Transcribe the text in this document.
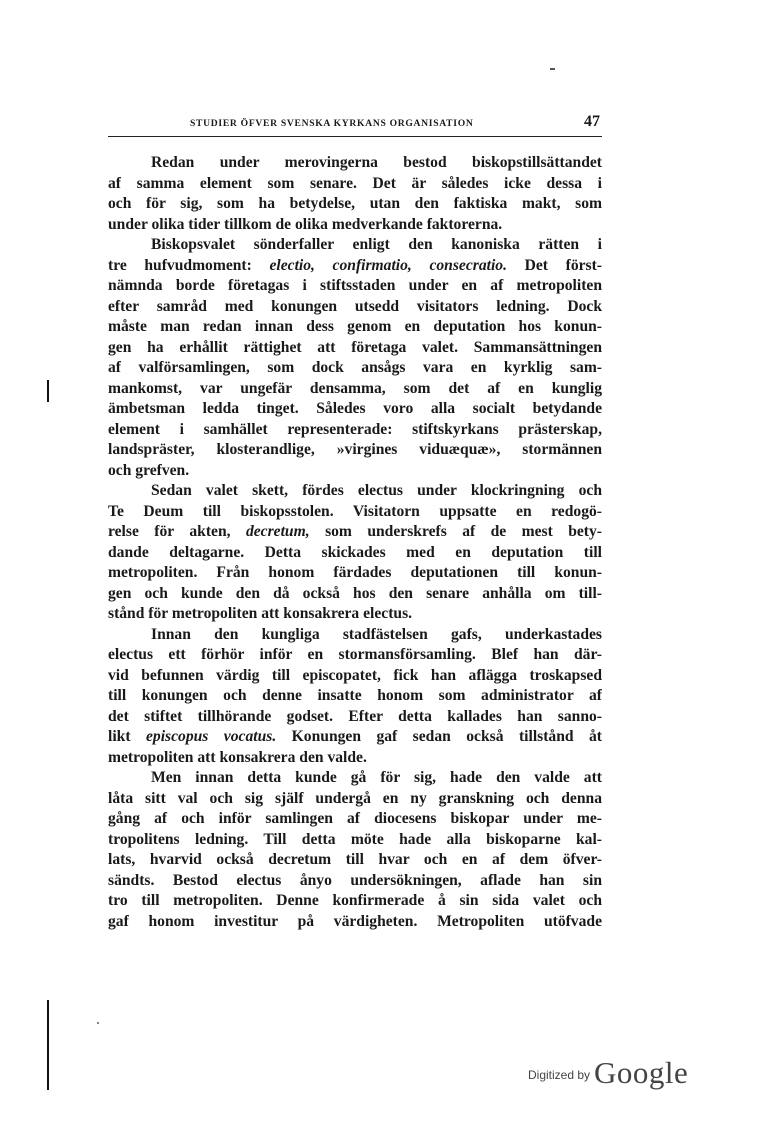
STUDIER ÖFVER SVENSKA KYRKANS ORGANISATION	47
Redan under merovingerna bestod biskopstillsättandet
af samma element som senare. Det är således icke dessa i
och för sig, som ha betydelse, utan den faktiska makt, som
under olika tider tillkom de olika medverkande faktorerna.
Biskopsvalet sönderfaller enligt den kanoniska rätten i
tre hufvudmoment: electio, confirmatio, consecratio. Det först-
nämnda borde företagas i stiftsstaden under en af metropoliten
efter samråd med konungen utsedd visitators ledning. Dock
måste man redan innan dess genom en deputation hos konun-
gen ha erhållit rättighet att företaga valet. Sammansättningen
af valförsamlingen, som dock ansågs vara en kyrklig sam-
mankomst, var ungefär densamma, som det af en kunglig
ämbetsman ledda tinget. Således voro alla socialt betydande
element i samhället representerade: stiftskyrkans prästerskap,
landspräster, klosterandlige, »virgines viduæquæ», stormännen
och grefven.
Sedan valet skett, fördes electus under klockringning och
Te Deum till biskopsstolen. Visitatorn uppsatte en redogö-
relse för akten, decretum, som underskrefs af de mest bety-
dande deltagarne. Detta skickades med en deputation till
metropoliten. Från honom färdades deputationen till konun-
gen och kunde den då också hos den senare anhålla om till-
stånd för metropoliten att konsakrera electus.
Innan den kungliga stadfästelsen gafs, underkastades
electus ett förhör inför en stormansförsamling. Blef han där-
vid befunnen värdig till episcopatet, fick han aflägga troskapsed
till konungen och denne insatte honom som administrator af
det stiftet tillhörande godset. Efter detta kallades han sanno-
likt episcopus vocatus. Konungen gaf sedan också tillstånd åt
metropoliten att konsakrera den valde.
Men innan detta kunde gå för sig, hade den valde att
låta sitt val och sig själf undergå en ny granskning och denna
gång af och inför samlingen af diocesens biskopar under me-
tropolitens ledning. Till detta möte hade alla biskoparne kal-
lats, hvarvid också decretum till hvar och en af dem öfver-
sändts. Bestod electus ånyo undersökningen, aflade han sin
tro till metropoliten. Denne konfirmerade å sin sida valet och
gaf honom investitur på värdigheten. Metropoliten utöfvade
$^{Digitized by}$ Google
